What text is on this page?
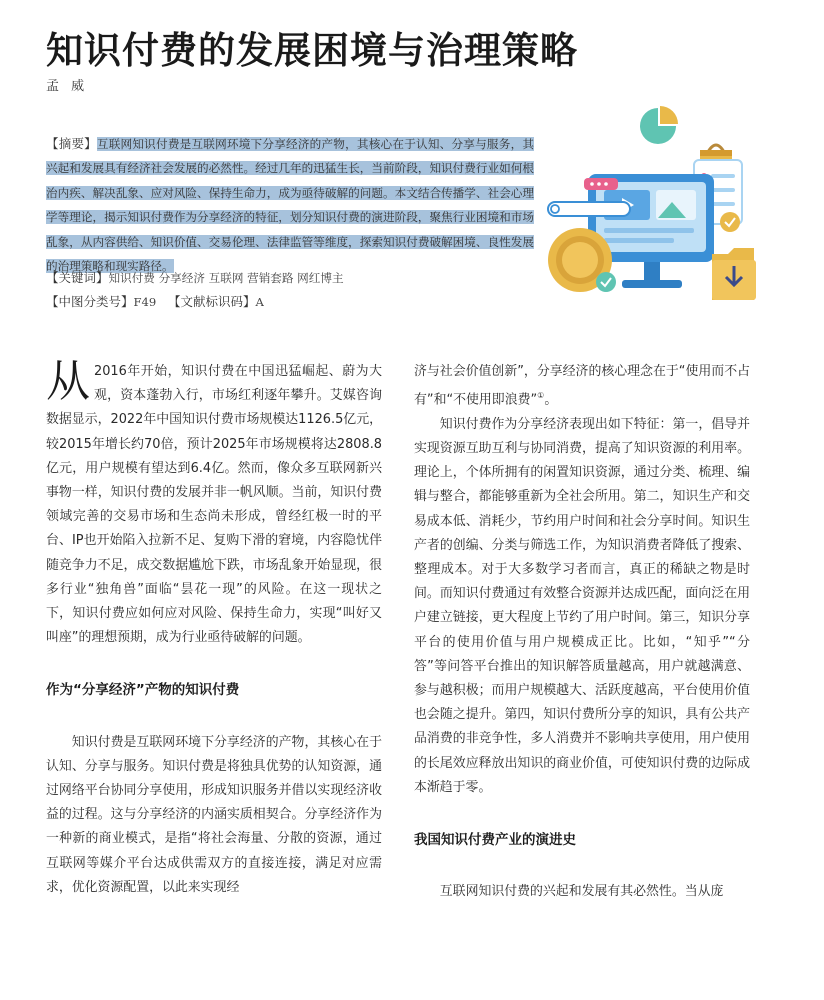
知识付费的发展困境与治理策略
孟 威
【摘要】互联网知识付费是互联网环境下分享经济的产物，其核心在于认知、分享与服务，其兴起和发展具有经济社会发展的必然性。经过几年的迅猛生长，当前阶段，知识付费行业如何根治内疾、解决乱象、应对风险、保持生命力，成为亟待破解的问题。本文结合传播学、社会心理学等理论，揭示知识付费作为分享经济的特征，划分知识付费的演进阶段，聚焦行业困境和市场乱象，从内容供给、知识价值、交易伦理、法律监管等维度，探索知识付费破解困境、良性发展的治理策略和现实路径。
【关键词】知识付费 分享经济 互联网 营销套路 网红博主
【中图分类号】F49 【文献标识码】A

从 2016年开始，知识付费在中国迅猛崛起、蔚为大观，资本蓬勃入行，市场红利逐年攀升。艾媒咨询数据显示，2022年中国知识付费市场规模达1126.5亿元，较2015年增长约70倍，预计2025年市场规模将达2808.8亿元，用户规模有望达到6.4亿。然而，像众多互联网新兴事物一样，知识付费的发展并非一帆风顺。当前，知识付费领域完善的交易市场和生态尚未形成，曾经红极一时的平台、IP也开始陷入拉新不足、复购下滑的窘境，内容隐忧伴随竞争力不足，成交数据尴尬下跌，市场乱象开始显现，很多行业“独角兽”面临“昙花一现”的风险。在这一现状之下，知识付费应如何应对风险、保持生命力，实现“叫好又叫座”的理想预期，成为行业亟待破解的问题。

作为“分享经济”产物的知识付费

知识付费是互联网环境下分享经济的产物，其核心在于认知、分享与服务。知识付费是将独具优势的认知资源，通过网络平台协同分享使用，形成知识服务并借以实现经济收益的过程。这与分享经济的内涵实质相契合。分享经济作为一种新的商业模式，是指“将社会海量、分散的资源，通过互联网等媒介平台达成供需双方的直接连接，满足对应需求，优化资源配置，以此来实现经

济与社会价值创新”，分享经济的核心理念在于“使用而不占有”和“不使用即浪费”①。

知识付费作为分享经济表现出如下特征：第一，倡导并实现资源互助互利与协同消费，提高了知识资源的利用率。理论上，个体所拥有的闲置知识资源，通过分类、梳理、编辑与整合，都能够重新为全社会所用。第二，知识生产和交易成本低、消耗少，节约用户时间和社会分享时间。知识生产者的创编、分类与筛选工作，为知识消费者降低了搜索、整理成本。对于大多数学习者而言，真正的稀缺之物是时间。而知识付费通过有效整合资源并达成匹配，面向泛在用户建立链接，更大程度上节约了用户时间。第三，知识分享平台的使用价值与用户规模成正比。比如，“知乎”“分答”等问答平台推出的知识解答质量越高，用户就越满意、参与越积极；而用户规模越大、活跃度越高，平台使用价值也会随之提升。第四，知识付费所分享的知识，具有公共产品消费的非竞争性，多人消费并不影响共享使用，用户使用的长尾效应释放出知识的商业价值，可使知识付费的边际成本渐趋于零。

我国知识付费产业的演进史

互联网知识付费的兴起和发展有其必然性。当从庞
